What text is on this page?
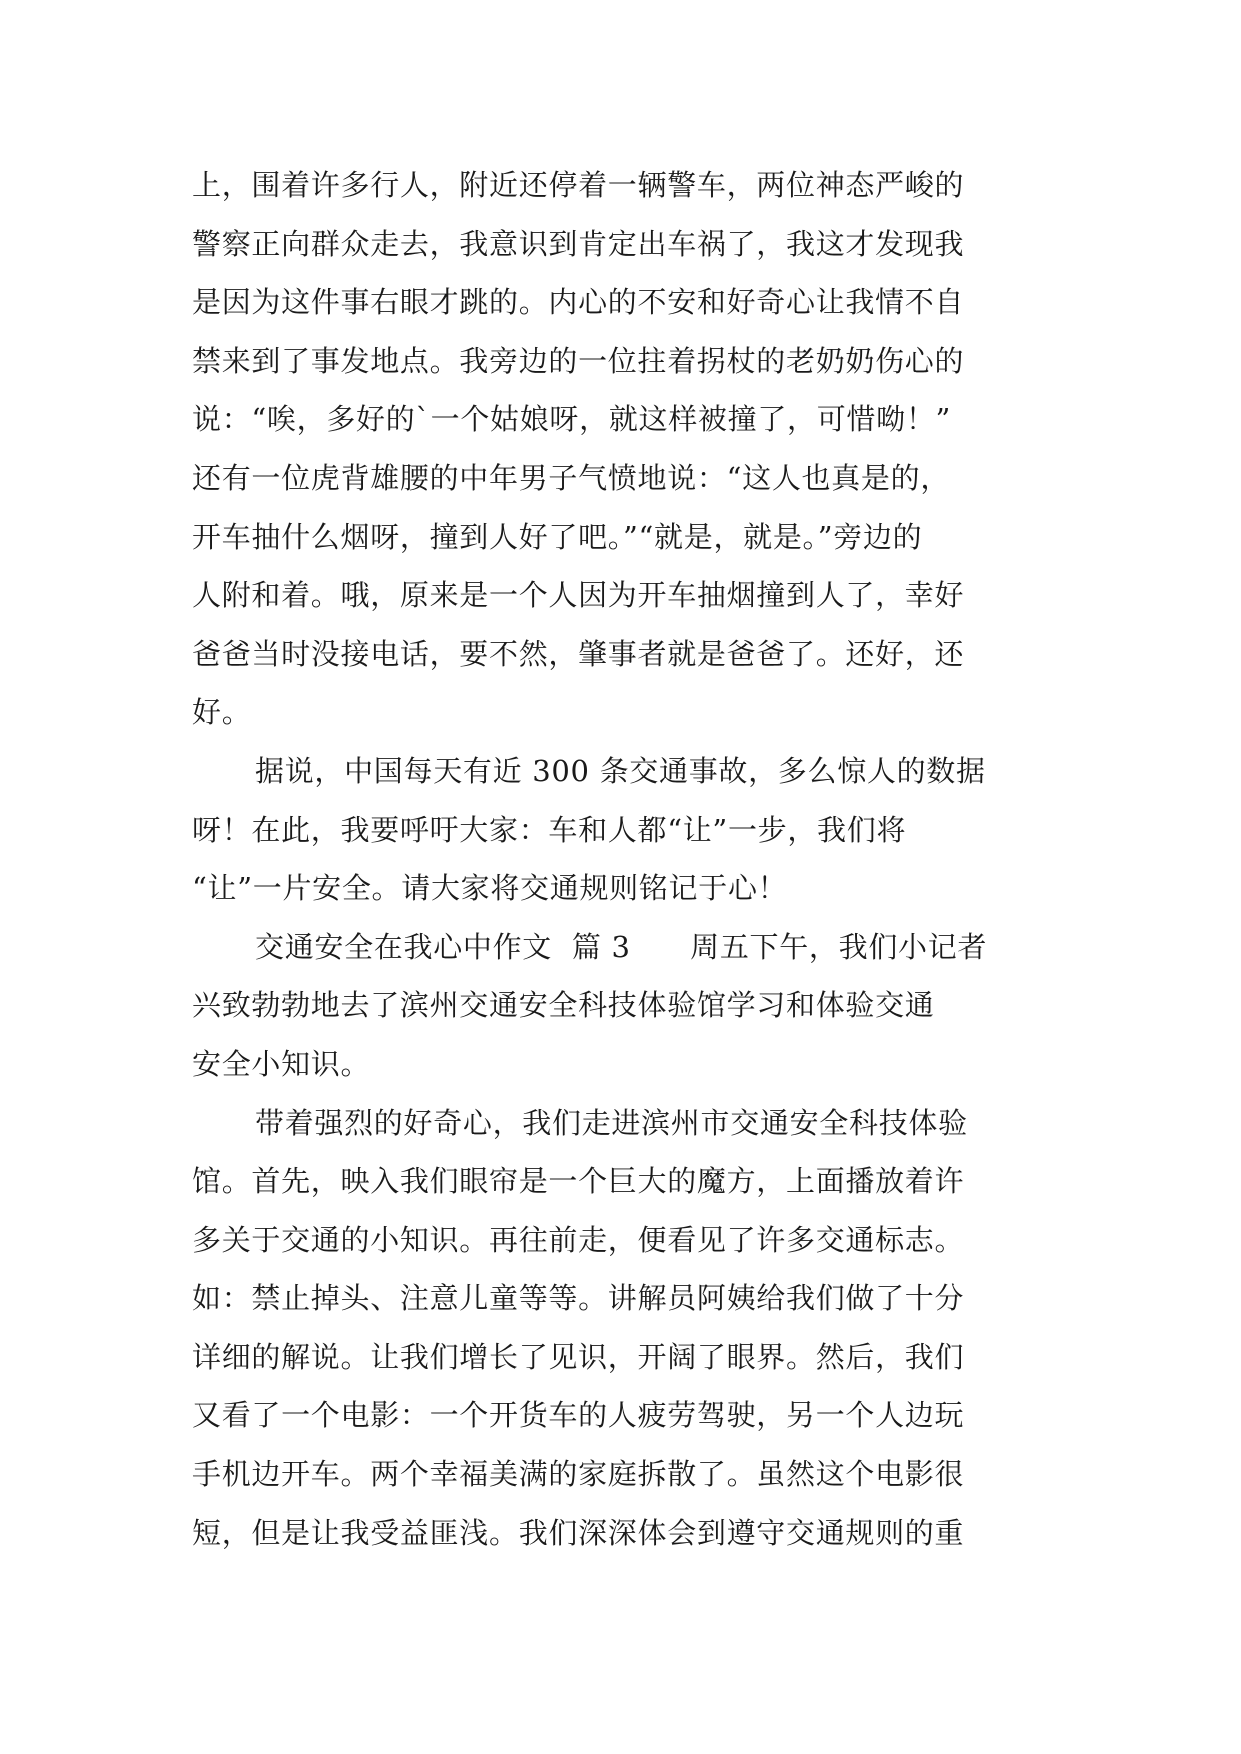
上，围着许多行人，附近还停着一辆警车，两位神态严峻的
警察正向群众走去，我意识到肯定出车祸了，我这才发现我
是因为这件事右眼才跳的。内心的不安和好奇心让我情不自
禁来到了事发地点。我旁边的一位拄着拐杖的老奶奶伤心的
说：“唉，多好的`一个姑娘呀，就这样被撞了，可惜呦！”
还有一位虎背雄腰的中年男子气愤地说：“这人也真是的，
开车抽什么烟呀，撞到人好了吧。”“就是，就是。”旁边的
人附和着。哦，原来是一个人因为开车抽烟撞到人了，幸好
爸爸当时没接电话，要不然，肇事者就是爸爸了。还好，还
好。
据说，中国每天有近 300 条交通事故，多么惊人的数据
呀！在此，我要呼吁大家：车和人都“让”一步，我们将
“让”一片安全。请大家将交通规则铭记于心！
交通安全在我心中作文  篇 3      周五下午，我们小记者
兴致勃勃地去了滨州交通安全科技体验馆学习和体验交通
安全小知识。
带着强烈的好奇心，我们走进滨州市交通安全科技体验
馆。首先，映入我们眼帘是一个巨大的魔方，上面播放着许
多关于交通的小知识。再往前走，便看见了许多交通标志。
如：禁止掉头、注意儿童等等。讲解员阿姨给我们做了十分
详细的解说。让我们增长了见识，开阔了眼界。然后，我们
又看了一个电影：一个开货车的人疲劳驾驶，另一个人边玩
手机边开车。两个幸福美满的家庭拆散了。虽然这个电影很
短，但是让我受益匪浅。我们深深体会到遵守交通规则的重
